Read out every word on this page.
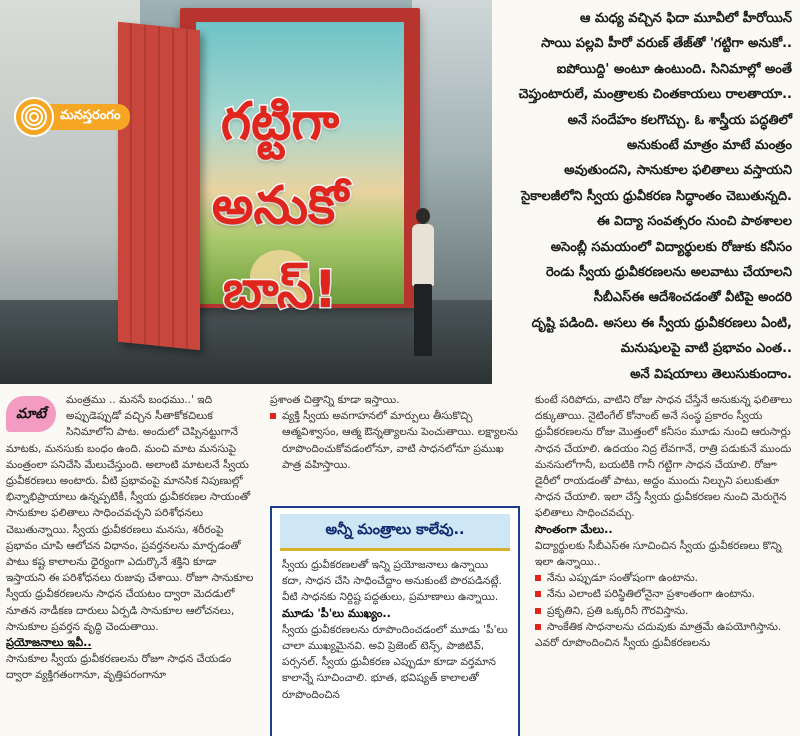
గట్టిగా
అనుకో
బాస్!
మనస్తరంగం

ఆ మధ్య వచ్చిన ఫిదా మూవీలో హీరోయిన్

సాయి పల్లవి హీరో వరుణ్ తేజ్‌తో 'గట్టిగా అనుకో..

ఐపోయిద్ది' అంటూ ఉంటుంది. సినిమాల్లో అంతే

చెప్తుంటారులే, మంత్రాలకు చింతకాయలు రాలతాయా..

అనే సందేహం కలగొచ్చు. ఓ శాస్త్రీయ పద్ధతిలో

అనుకుంటే మాత్రం మాటే మంత్రం

అవుతుందని, సానుకూల ఫలితాలు వస్తాయని

సైకాలజీలోని స్వీయ ధ్రువీకరణ సిద్ధాంతం చెబుతున్నది.

ఈ విద్యా సంవత్సరం నుంచి పాఠశాలల

అసెంబ్లీ సమయంలో విద్యార్థులకు రోజుకు కనీసం

రెండు స్వీయ ధ్రువీకరణలను అలవాటు చేయాలని

సీబీఎస్‌ఈ ఆదేశించడంతో వీటిపై అందరి

దృష్టి పడింది. అసలు ఈ స్వీయ ధ్రువీకరణలు ఏంటి,

మనుషులపై వాటి ప్రభావం ఎంత..

అనే విషయాలు తెలుసుకుందాం.

మాటే

మంత్రము .. మనసే బంధము..' ఇది అప్పుడెప్పుడో వచ్చిన సీతాకోకచిలుక సినిమాలోని పాట. అందులో చెప్పినట్టుగానే మాటకు, మనసుకు బంధం ఉంది. మంచి మాట మనసుపై మంత్రంలా పనిచేసి మేలుచేస్తుంది. అలాంటి మాటలనే స్వీయ ధ్రువీకరణలు అంటారు. వీటి ప్రభావంపై మానసిక నిపుణుల్లో భిన్నాభిప్రాయాలు ఉన్నప్పటికీ, స్వీయ ధ్రువీకరణల సాయంతో సానుకూల ఫలితాలు సాధించవచ్చని పరిశోధనలు చెబుతున్నాయి. స్వీయ ధ్రువీకరణలు మనసు, శరీరంపై ప్రభావం చూపి ఆలోచన విధానం, ప్రవర్తనలను మార్చడంతో పాటు కష్ట కాలాలను ధైర్యంగా ఎదుర్కొనే శక్తిని కూడా ఇస్తాయని ఈ పరిశోధనలు రుజువు చేశాయి. రోజూ సానుకూల స్వీయ ధ్రువీకరణలను సాధన చేయటం ద్వారా మెదడులో నూతన నాడీకణ దారులు ఏర్పడి సానుకూల ఆలోచనలు, సానుకూల ప్రవర్తన వృద్ధి చెందుతాయి.

ప్రయోజనాలు ఇవీ..

సానుకూల స్వీయ ధ్రువీకరణలను రోజూ సాధన చేయడం ద్వారా వ్యక్తిగతంగానూ, వృత్తిపరంగానూ

ప్రశాంత చిత్తాన్ని కూడా ఇస్తాయి.

వ్యక్తి స్వీయ అవగాహనలో మార్పులు తీసుకొచ్చి ఆత్మవిశ్వాసం, ఆత్మ ఔన్నత్యాలను పెంచుతాయి. లక్ష్యాలను రూపొందించుకోవడంలోనూ, వాటి సాధనలోనూ ప్రముఖ పాత్ర వహిస్తాయి.
అన్నీ మంత్రాలు కాలేవు..

స్వీయ ధ్రువీకరణలతో ఇన్ని ప్రయోజనాలు ఉన్నాయి కదా, సాధన చేసి సాధించేద్దాం అనుకుంటే పొరపడినట్లే. వీటి సాధనకు నిర్దిష్ట పద్ధతులు, ప్రమాణాలు ఉన్నాయి.

మూడు 'పీ'లు ముఖ్యం..

స్వీయ ధ్రువీకరణలను రూపొందించడంలో మూడు 'పీ'లు చాలా ముఖ్యమైనవి. అవి ప్రెజెంట్ టెన్స్, పాజిటివ్, పర్సనల్. స్వీయ ధ్రువీకరణ ఎప్పుడూ కూడా వర్తమాన కాలాన్నే సూచించాలి. భూత, భవిష్యత్ కాలాలతో రూపొందించిన

కుంటే సరిపోదు, వాటిని రోజు సాధన చేస్తేనే అనుకున్న ఫలితాలు దక్కుతాయి. నైటింగేల్ కోనాంట్ అనే సంస్థ ప్రకారం స్వీయ ధ్రువీకరణలను రోజు మొత్తంలో కనీసం మూడు నుంచి ఆరుసార్లు సాధన చేయాలి. ఉదయం నిద్ర లేవగానే, రాత్రి పడుకునే ముందు మనసులోగానీ, బయటికి గానీ గట్టిగా సాధన చేయాలి. రోజూ డైరీలో రాయడంతో పాటు, అద్దం ముందు నిల్చుని పలుకుతూ సాధన చేయాలి. ఇలా చేస్తే స్వీయ ధ్రువీకరణల నుంచి మెరుగైన ఫలితాలు సాధించవచ్చు.

సొంతంగా మేలు..

విద్యార్థులకు సీబీఎస్‌ఈ సూచించిన స్వీయ ధ్రువీకరణలు కొన్ని ఇలా ఉన్నాయి..

నేను ఎప్పుడూ సంతోషంగా ఉంటాను.
నేను ఎలాంటి పరిస్థితిలోనైనా ప్రశాంతంగా ఉంటాను.
ప్రకృతిని, ప్రతి ఒక్కరినీ గౌరవిస్తాను.
సాంకేతిక సాధనాలను చదువుకు మాత్రమే ఉపయోగిస్తాను.

ఎవరో రూపొందించిన స్వీయ ధ్రువీకరణలను
